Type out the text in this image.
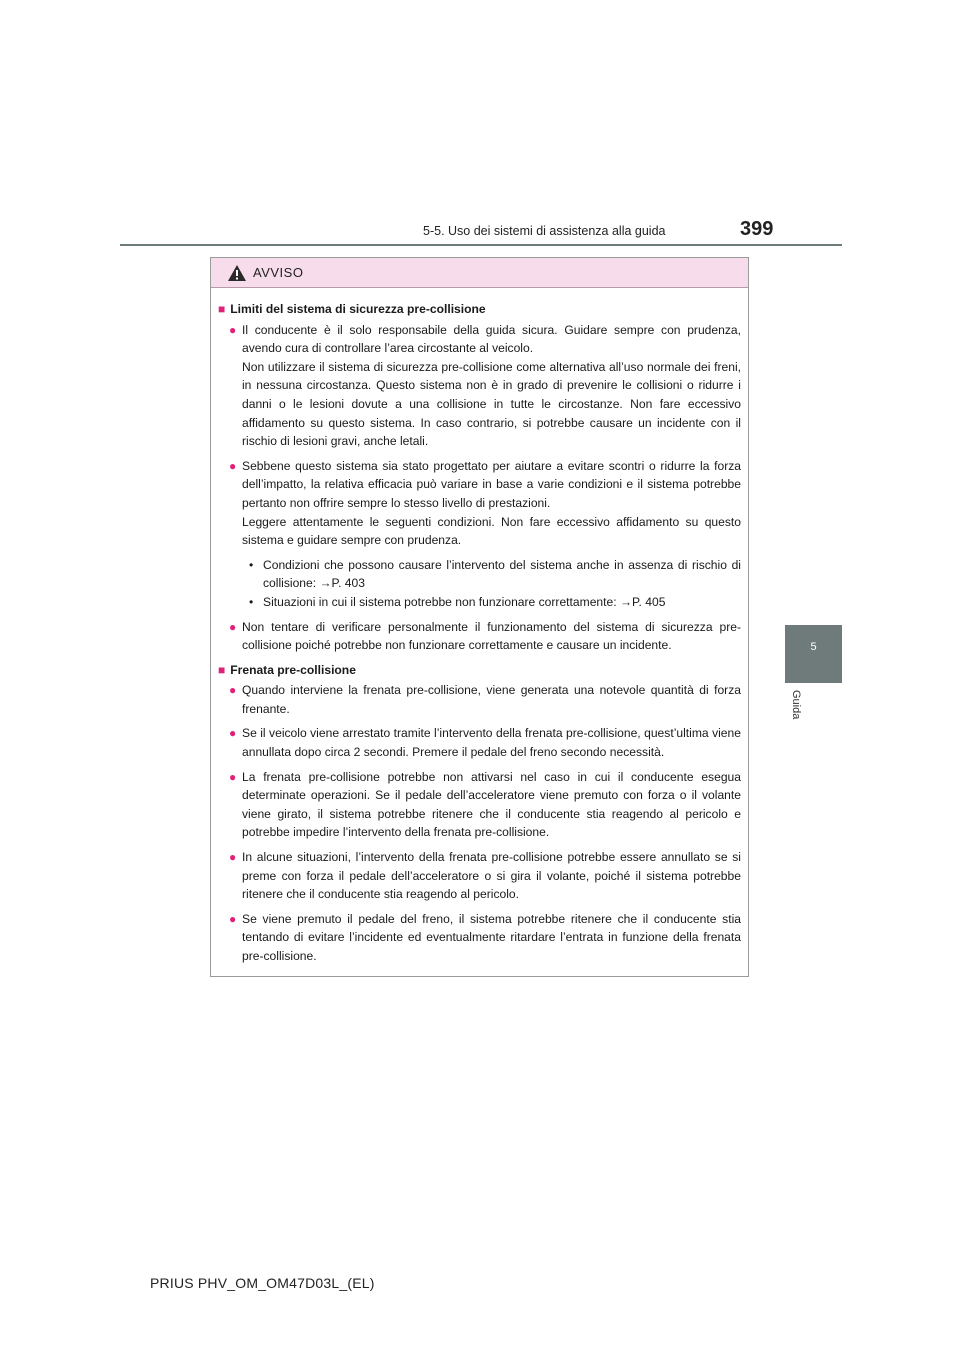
5-5. Uso dei sistemi di assistenza alla guida	399
5
Guida
AVVISO
■ Limiti del sistema di sicurezza pre-collisione
● Il conducente è il solo responsabile della guida sicura. Guidare sempre con prudenza, avendo cura di controllare l’area circostante al veicolo.

Non utilizzare il sistema di sicurezza pre-collisione come alternativa all’uso normale dei freni, in nessuna circostanza. Questo sistema non è in grado di prevenire le collisioni o ridurre i danni o le lesioni dovute a una collisione in tutte le circostanze. Non fare eccessivo affidamento su questo sistema. In caso contrario, si potrebbe causare un incidente con il rischio di lesioni gravi, anche letali.

● Sebbene questo sistema sia stato progettato per aiutare a evitare scontri o ridurre la forza dell’impatto, la relativa efficacia può variare in base a varie condizioni e il sistema potrebbe pertanto non offrire sempre lo stesso livello di prestazioni.

Leggere attentamente le seguenti condizioni. Non fare eccessivo affidamento su questo sistema e guidare sempre con prudenza.

• Condizioni che possono causare l’intervento del sistema anche in assenza di rischio di collisione: →P. 403
• Situazioni in cui il sistema potrebbe non funzionare correttamente: →P. 405
● Non tentare di verificare personalmente il funzionamento del sistema di sicurezza pre-collisione poiché potrebbe non funzionare correttamente e causare un incidente.

■ Frenata pre-collisione
● Quando interviene la frenata pre-collisione, viene generata una notevole quantità di forza frenante.

● Se il veicolo viene arrestato tramite l’intervento della frenata pre-collisione, quest’ultima viene annullata dopo circa 2 secondi. Premere il pedale del freno secondo necessità.

● La frenata pre-collisione potrebbe non attivarsi nel caso in cui il conducente esegua determinate operazioni. Se il pedale dell’acceleratore viene premuto con forza o il volante viene girato, il sistema potrebbe ritenere che il conducente stia reagendo al pericolo e potrebbe impedire l’intervento della frenata pre-collisione.

● In alcune situazioni, l’intervento della frenata pre-collisione potrebbe essere annullato se si preme con forza il pedale dell’acceleratore o si gira il volante, poiché il sistema potrebbe ritenere che il conducente stia reagendo al pericolo.

● Se viene premuto il pedale del freno, il sistema potrebbe ritenere che il conducente stia tentando di evitare l’incidente ed eventualmente ritardare l’entrata in funzione della frenata pre-collisione.

PRIUS PHV_OM_OM47D03L_(EL)
